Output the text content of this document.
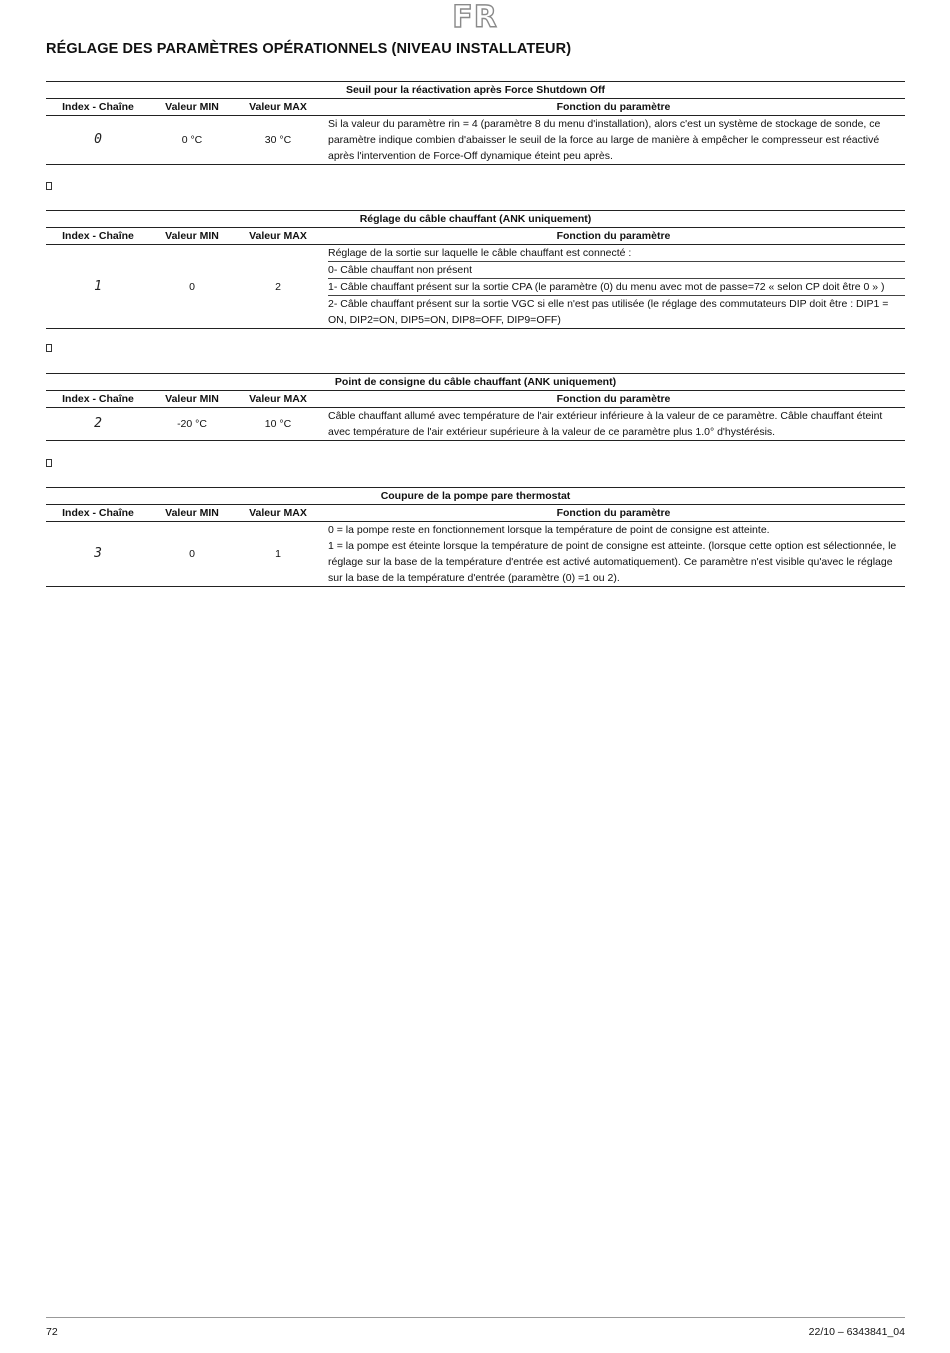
FR
RÉGLAGE DES PARAMÈTRES OPÉRATIONNELS (NIVEAU INSTALLATEUR)
Seuil pour la réactivation après Force Shutdown Off			
Index - Chaîne	Valeur MIN	Valeur MAX	Fonction du paramètre
0	0 °C	30 °C	Si la valeur du paramètre rin = 4 (paramètre 8 du menu d'installation), alors c'est un système de stockage de sonde, ce paramètre indique combien d'abaisser le seuil de la force au large de manière à empêcher le compresseur est réactivé après l'intervention de Force-Off dynamique éteint peu après.
Réglage du câble chauffant (ANK uniquement)			
Index - Chaîne	Valeur MIN	Valeur MAX	Fonction du paramètre
1	0	2	Réglage de la sortie sur laquelle le câble chauffant est connecté :
0- Câble chauffant non présent
1- Câble chauffant présent sur la sortie CPA (le paramètre (0) du menu avec mot de passe=72 « selon CP doit être 0 » )
2- Câble chauffant présent sur la sortie VGC si elle n'est pas utilisée (le réglage des commutateurs DIP doit être : DIP1 = ON, DIP2=ON, DIP5=ON, DIP8=OFF, DIP9=OFF)
Point de consigne du câble chauffant (ANK uniquement)			
Index - Chaîne	Valeur MIN	Valeur MAX	Fonction du paramètre
2	-20 °C	10 °C	Câble chauffant allumé avec température de l'air extérieur inférieure à la valeur de ce paramètre. Câble chauffant éteint avec température de l'air extérieur supérieure à la valeur de ce paramètre plus 1.0° d'hystérésis.
Coupure de la pompe pare thermostat			
Index - Chaîne	Valeur MIN	Valeur MAX	Fonction du paramètre
3	0	1	0 = la pompe reste en fonctionnement lorsque la température de point de consigne est atteinte.
1 = la pompe est éteinte lorsque la température de point de consigne est atteinte. (lorsque cette option est sélectionnée, le réglage sur la base de la température d'entrée est activé automatiquement). Ce paramètre n'est visible qu'avec le réglage sur la base de la température d'entrée (paramètre (0) =1 ou 2).
72	22/10 – 6343841_04
